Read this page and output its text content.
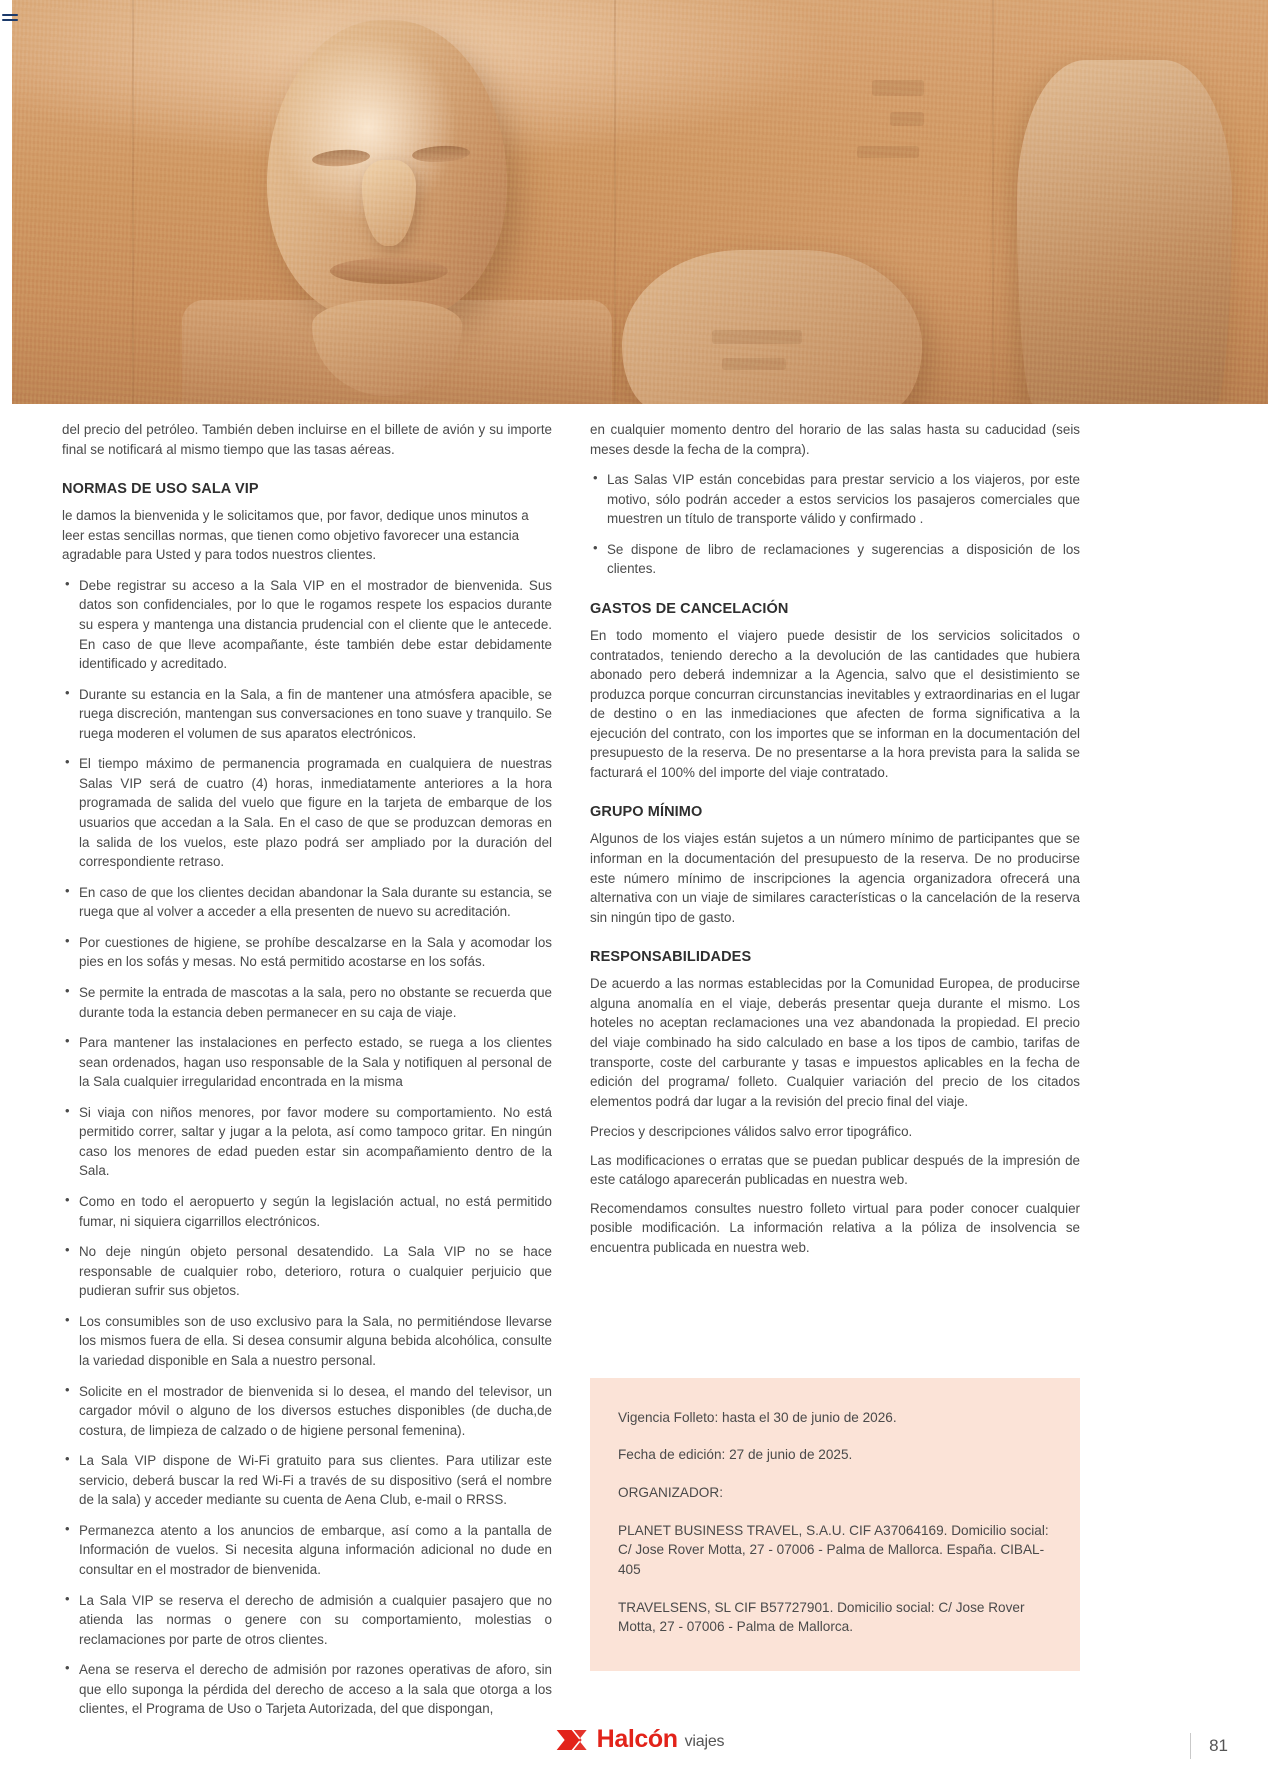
del precio del petróleo. También deben incluirse en el billete de avión y su importe final se notificará al mismo tiempo que las tasas aéreas.

NORMAS DE USO SALA VIP

le damos la bienvenida y le solicitamos que, por favor, dedique unos minutos a leer estas sencillas normas, que tienen como objetivo favorecer una estancia agradable para Usted y para todos nuestros clientes.

• Debe registrar su acceso a la Sala VIP en el mostrador de bienvenida. Sus datos son confidenciales, por lo que le rogamos respete los espacios durante su espera y mantenga una distancia prudencial con el cliente que le antecede. En caso de que lleve acompañante, éste también debe estar debidamente identificado y acreditado.
• Durante su estancia en la Sala, a fin de mantener una atmósfera apacible, se ruega discreción, mantengan sus conversaciones en tono suave y tranquilo. Se ruega moderen el volumen de sus aparatos electrónicos.
• El tiempo máximo de permanencia programada en cualquiera de nuestras Salas VIP será de cuatro (4) horas, inmediatamente anteriores a la hora programada de salida del vuelo que figure en la tarjeta de embarque de los usuarios que accedan a la Sala. En el caso de que se produzcan demoras en la salida de los vuelos, este plazo podrá ser ampliado por la duración del correspondiente retraso.
• En caso de que los clientes decidan abandonar la Sala durante su estancia, se ruega que al volver a acceder a ella presenten de nuevo su acreditación.
• Por cuestiones de higiene, se prohíbe descalzarse en la Sala y acomodar los pies en los sofás y mesas. No está permitido acostarse en los sofás.
• Se permite la entrada de mascotas a la sala, pero no obstante se recuerda que durante toda la estancia deben permanecer en su caja de viaje.
• Para mantener las instalaciones en perfecto estado, se ruega a los clientes sean ordenados, hagan uso responsable de la Sala y notifiquen al personal de la Sala cualquier irregularidad encontrada en la misma
• Si viaja con niños menores, por favor modere su comportamiento. No está permitido correr, saltar y jugar a la pelota, así como tampoco gritar. En ningún caso los menores de edad pueden estar sin acompañamiento dentro de la Sala.
• Como en todo el aeropuerto y según la legislación actual, no está permitido fumar, ni siquiera cigarrillos electrónicos.
• No deje ningún objeto personal desatendido. La Sala VIP no se hace responsable de cualquier robo, deterioro, rotura o cualquier perjuicio que pudieran sufrir sus objetos.
• Los consumibles son de uso exclusivo para la Sala, no permitiéndose llevarse los mismos fuera de ella. Si desea consumir alguna bebida alcohólica, consulte la variedad disponible en Sala a nuestro personal.
• Solicite en el mostrador de bienvenida si lo desea, el mando del televisor, un cargador móvil o alguno de los diversos estuches disponibles (de ducha,de costura, de limpieza de calzado o de higiene personal femenina).
• La Sala VIP dispone de Wi-Fi gratuito para sus clientes. Para utilizar este servicio, deberá buscar la red Wi-Fi a través de su dispositivo (será el nombre de la sala) y acceder mediante su cuenta de Aena Club, e-mail o RRSS.
• Permanezca atento a los anuncios de embarque, así como a la pantalla de Información de vuelos. Si necesita alguna información adicional no dude en consultar en el mostrador de bienvenida.
• La Sala VIP se reserva el derecho de admisión a cualquier pasajero que no atienda las normas o genere con su comportamiento, molestias o reclamaciones por parte de otros clientes.
• Aena se reserva el derecho de admisión por razones operativas de aforo, sin que ello suponga la pérdida del derecho de acceso a la sala que otorga a los clientes, el Programa de Uso o Tarjeta Autorizada, del que dispongan,

en cualquier momento dentro del horario de las salas hasta su caducidad (seis meses desde la fecha de la compra).

• Las Salas VIP están concebidas para prestar servicio a los viajeros, por este motivo, sólo podrán acceder a estos servicios los pasajeros comerciales que muestren un título de transporte válido y confirmado .
• Se dispone de libro de reclamaciones y sugerencias a disposición de los clientes.
GASTOS DE CANCELACIÓN

En todo momento el viajero puede desistir de los servicios solicitados o contratados, teniendo derecho a la devolución de las cantidades que hubiera abonado pero deberá indemnizar a la Agencia, salvo que el desistimiento se produzca porque concurran circunstancias inevitables y extraordinarias en el lugar de destino o en las inmediaciones que afecten de forma significativa a la ejecución del contrato, con los importes que se informan en la documentación del presupuesto de la reserva. De no presentarse a la hora prevista para la salida se facturará el 100% del importe del viaje contratado.

GRUPO MÍNIMO

Algunos de los viajes están sujetos a un número mínimo de participantes que se informan en la documentación del presupuesto de la reserva. De no producirse este número mínimo de inscripciones la agencia organizadora ofrecerá una alternativa con un viaje de similares características o la cancelación de la reserva sin ningún tipo de gasto.

RESPONSABILIDADES

De acuerdo a las normas establecidas por la Comunidad Europea, de producirse alguna anomalía en el viaje, deberás presentar queja durante el mismo. Los hoteles no aceptan reclamaciones una vez abandonada la propiedad. El precio del viaje combinado ha sido calculado en base a los tipos de cambio, tarifas de transporte, coste del carburante y tasas e impuestos aplicables en la fecha de edición del programa/ folleto. Cualquier variación del precio de los citados elementos podrá dar lugar a la revisión del precio final del viaje.

Precios y descripciones válidos salvo error tipográfico.

Las modificaciones o erratas que se puedan publicar después de la impresión de este catálogo aparecerán publicadas en nuestra web.

Recomendamos consultes nuestro folleto virtual para poder conocer cualquier posible modificación. La información relativa a la póliza de insolvencia se encuentra publicada en nuestra web.

Vigencia Folleto: hasta el 30 de junio de 2026.

Fecha de edición: 27 de junio de 2025.

ORGANIZADOR:

PLANET BUSINESS TRAVEL, S.A.U. CIF A37064169. Domicilio social: C/ Jose Rover Motta, 27 - 07006 - Palma de Mallorca. España. CIBAL-405

TRAVELSENS, SL CIF B57727901. Domicilio social: C/ Jose Rover Motta, 27 - 07006 - Palma de Mallorca.

Halcón viajes	81
